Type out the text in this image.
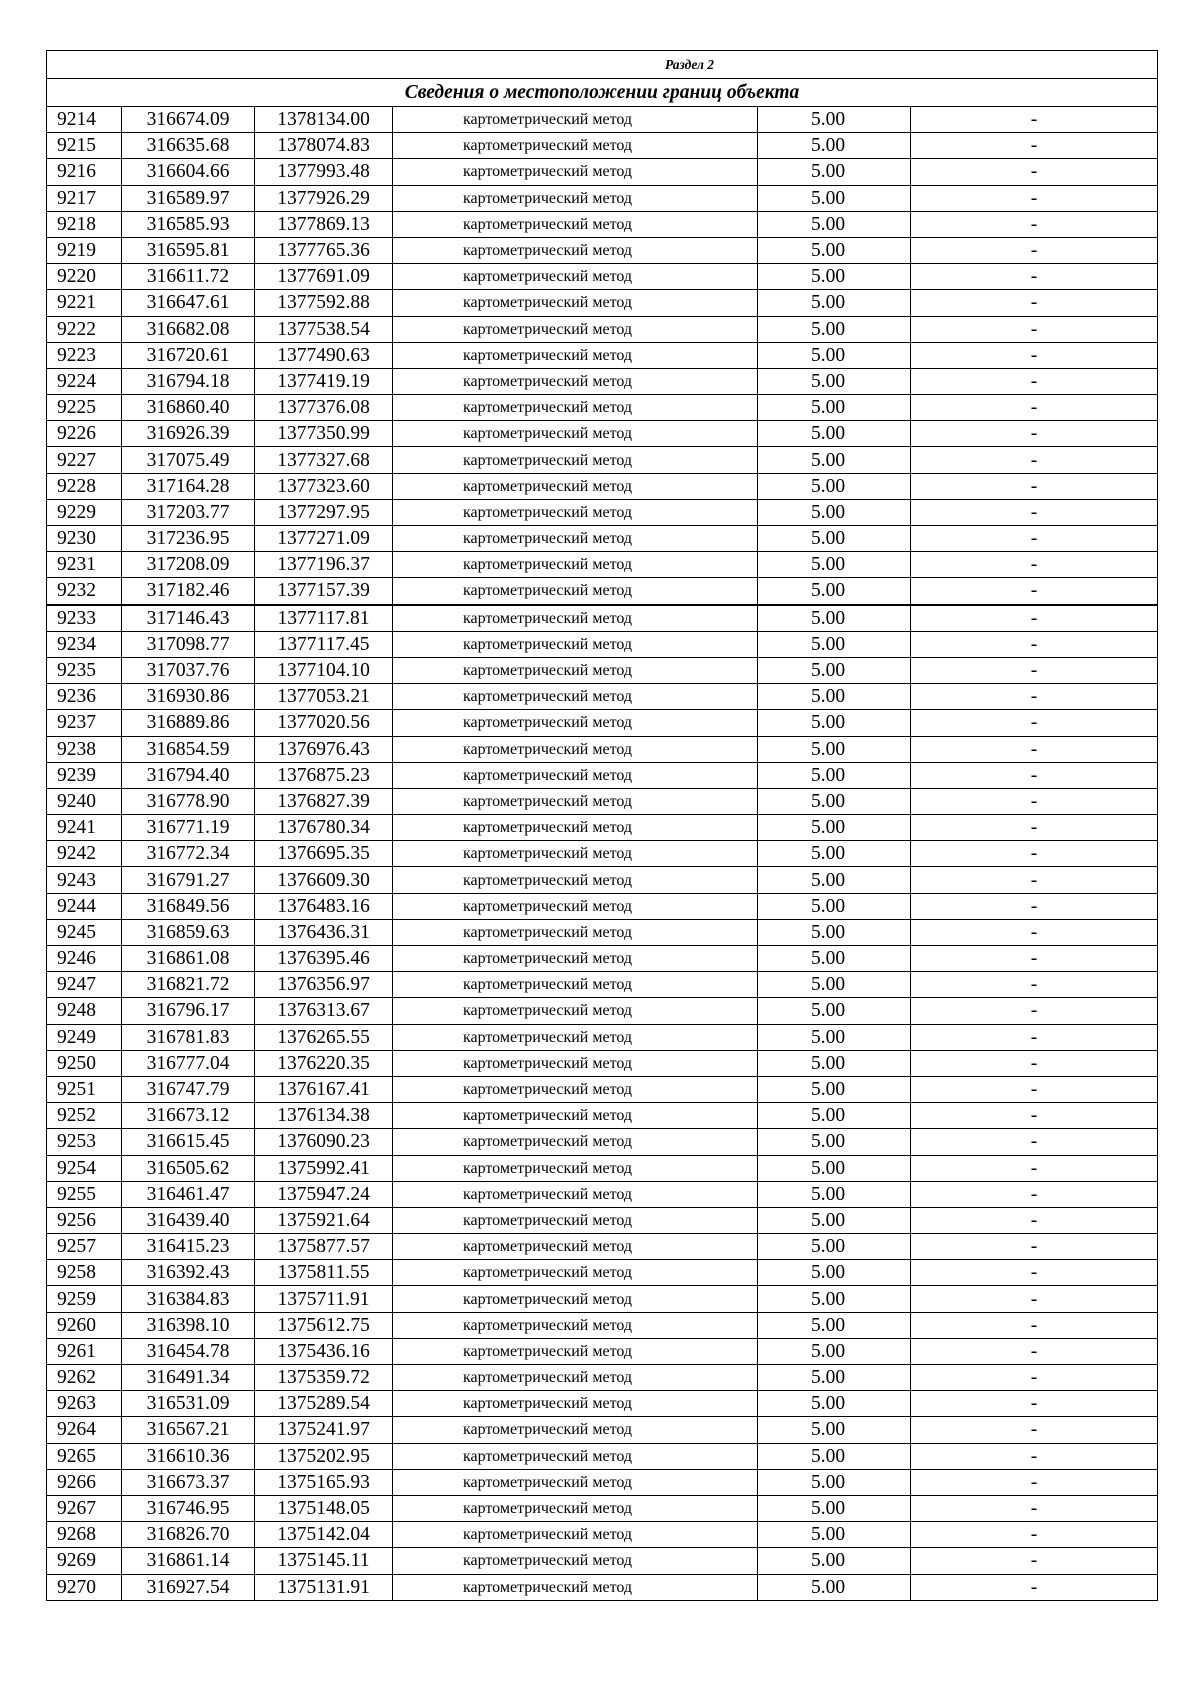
Раздел 2					
Сведения о местоположении границ объекта					
9214	316674.09	1378134.00	картометрический метод	5.00	-
9215	316635.68	1378074.83	картометрический метод	5.00	-
9216	316604.66	1377993.48	картометрический метод	5.00	-
9217	316589.97	1377926.29	картометрический метод	5.00	-
9218	316585.93	1377869.13	картометрический метод	5.00	-
9219	316595.81	1377765.36	картометрический метод	5.00	-
9220	316611.72	1377691.09	картометрический метод	5.00	-
9221	316647.61	1377592.88	картометрический метод	5.00	-
9222	316682.08	1377538.54	картометрический метод	5.00	-
9223	316720.61	1377490.63	картометрический метод	5.00	-
9224	316794.18	1377419.19	картометрический метод	5.00	-
9225	316860.40	1377376.08	картометрический метод	5.00	-
9226	316926.39	1377350.99	картометрический метод	5.00	-
9227	317075.49	1377327.68	картометрический метод	5.00	-
9228	317164.28	1377323.60	картометрический метод	5.00	-
9229	317203.77	1377297.95	картометрический метод	5.00	-
9230	317236.95	1377271.09	картометрический метод	5.00	-
9231	317208.09	1377196.37	картометрический метод	5.00	-
9232	317182.46	1377157.39	картометрический метод	5.00	-
9233	317146.43	1377117.81	картометрический метод	5.00	-
9234	317098.77	1377117.45	картометрический метод	5.00	-
9235	317037.76	1377104.10	картометрический метод	5.00	-
9236	316930.86	1377053.21	картометрический метод	5.00	-
9237	316889.86	1377020.56	картометрический метод	5.00	-
9238	316854.59	1376976.43	картометрический метод	5.00	-
9239	316794.40	1376875.23	картометрический метод	5.00	-
9240	316778.90	1376827.39	картометрический метод	5.00	-
9241	316771.19	1376780.34	картометрический метод	5.00	-
9242	316772.34	1376695.35	картометрический метод	5.00	-
9243	316791.27	1376609.30	картометрический метод	5.00	-
9244	316849.56	1376483.16	картометрический метод	5.00	-
9245	316859.63	1376436.31	картометрический метод	5.00	-
9246	316861.08	1376395.46	картометрический метод	5.00	-
9247	316821.72	1376356.97	картометрический метод	5.00	-
9248	316796.17	1376313.67	картометрический метод	5.00	-
9249	316781.83	1376265.55	картометрический метод	5.00	-
9250	316777.04	1376220.35	картометрический метод	5.00	-
9251	316747.79	1376167.41	картометрический метод	5.00	-
9252	316673.12	1376134.38	картометрический метод	5.00	-
9253	316615.45	1376090.23	картометрический метод	5.00	-
9254	316505.62	1375992.41	картометрический метод	5.00	-
9255	316461.47	1375947.24	картометрический метод	5.00	-
9256	316439.40	1375921.64	картометрический метод	5.00	-
9257	316415.23	1375877.57	картометрический метод	5.00	-
9258	316392.43	1375811.55	картометрический метод	5.00	-
9259	316384.83	1375711.91	картометрический метод	5.00	-
9260	316398.10	1375612.75	картометрический метод	5.00	-
9261	316454.78	1375436.16	картометрический метод	5.00	-
9262	316491.34	1375359.72	картометрический метод	5.00	-
9263	316531.09	1375289.54	картометрический метод	5.00	-
9264	316567.21	1375241.97	картометрический метод	5.00	-
9265	316610.36	1375202.95	картометрический метод	5.00	-
9266	316673.37	1375165.93	картометрический метод	5.00	-
9267	316746.95	1375148.05	картометрический метод	5.00	-
9268	316826.70	1375142.04	картометрический метод	5.00	-
9269	316861.14	1375145.11	картометрический метод	5.00	-
9270	316927.54	1375131.91	картометрический метод	5.00	-
